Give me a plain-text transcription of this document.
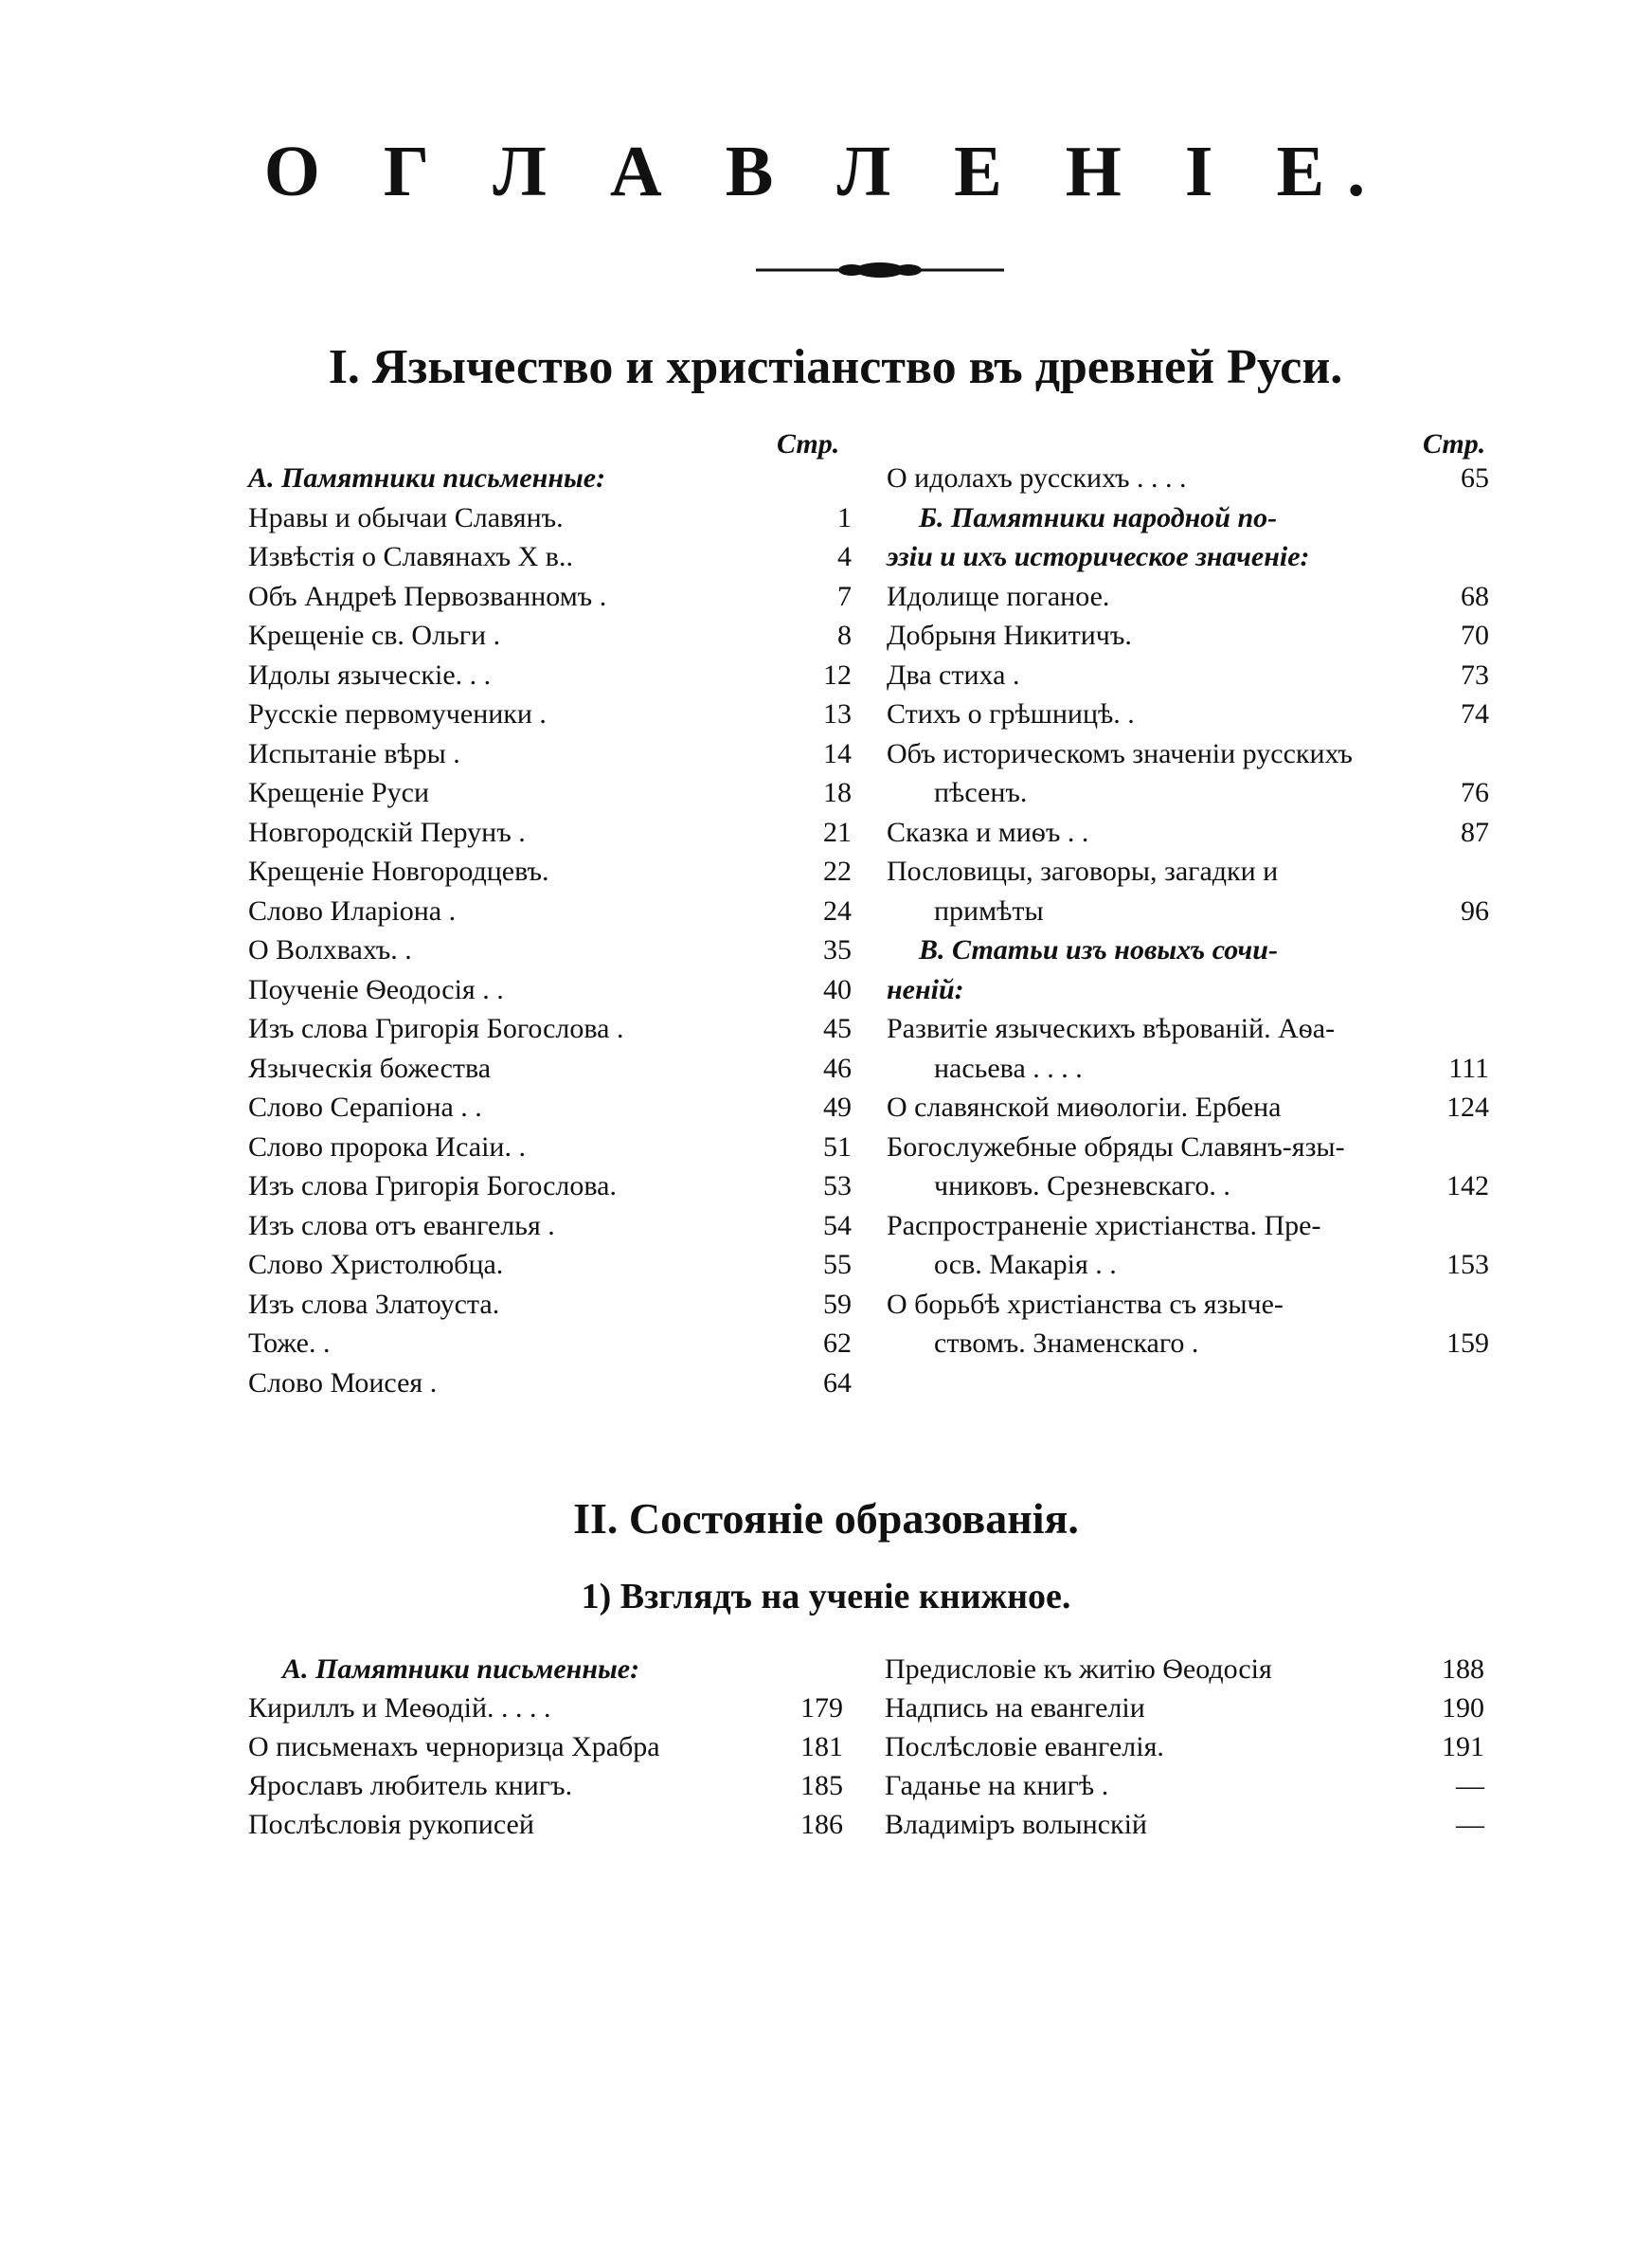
О Г Л А В Л Е Н І Е.
I. Язычество и христіанство въ древней Руси.
Стр.	Стр.
А. Памятники письменные:
Нравы и обычаи Славянъ.	1
Извѣстія о Славянахъ X в..	4
Объ Андреѣ Первозванномъ .	7
Крещеніе св. Ольги .	8
Идолы языческіе. . .	12
Русскіе первомученики .	13
Испытаніе вѣры .	14
Крещеніе Руси	18
Новгородскій Перунъ .	21
Крещеніе Новгородцевъ.	22
Слово Иларіона .	24
О Волхвахъ. .	35
Поученіе Ѳеодосія . .	40
Изъ слова Григорія Богослова .	45
Языческія божества	46
Слово Серапіона . .	49
Слово пророка Исаіи. .	51
Изъ слова Григорія Богослова.	53
Изъ слова отъ евангелья .	54
Слово Христолюбца.	55
Изъ слова Златоуста.	59
Тоже. .	62
Слово Моисея .	64
О идолахъ русскихъ . . . .	65
Б. Памятники народной по-
эзіи и ихъ историческое значеніе:
Идолище поганое.	68
Добрыня Никитичъ.	70
Два стиха .	73
Стихъ о грѣшницѣ. .	74
Объ историческомъ значеніи русскихъ
пѣсенъ.	76
Сказка и миѳъ . .	87
Пословицы, заговоры, загадки и
примѣты	96
В. Статьи изъ новыхъ сочи-
неній:
Развитіе языческихъ вѣрованій. Аѳа-
насьева . . . .	111
О славянской миѳологіи. Ербена	124
Богослужебные обряды Славянъ-язы-
чниковъ. Срезневскаго. .	142
Распространеніе христіанства. Пре-
осв. Макарія . .	153
О борьбѣ христіанства съ языче-
ствомъ. Знаменскаго .	159
II. Состояніе образованія.
1) Взглядъ на ученіе книжное.
А. Памятники письменные:
Кириллъ и Меѳодій. . . . .	179
О письменахъ черноризца Храбра	181
Ярославъ любитель книгъ.	185
Послѣсловія рукописей	186
Предисловіе къ житію Ѳеодосія	188
Надпись на евангеліи	190
Послѣсловіе евангелія.	191
Гаданье на книгѣ .	—
Владиміръ волынскій	—
